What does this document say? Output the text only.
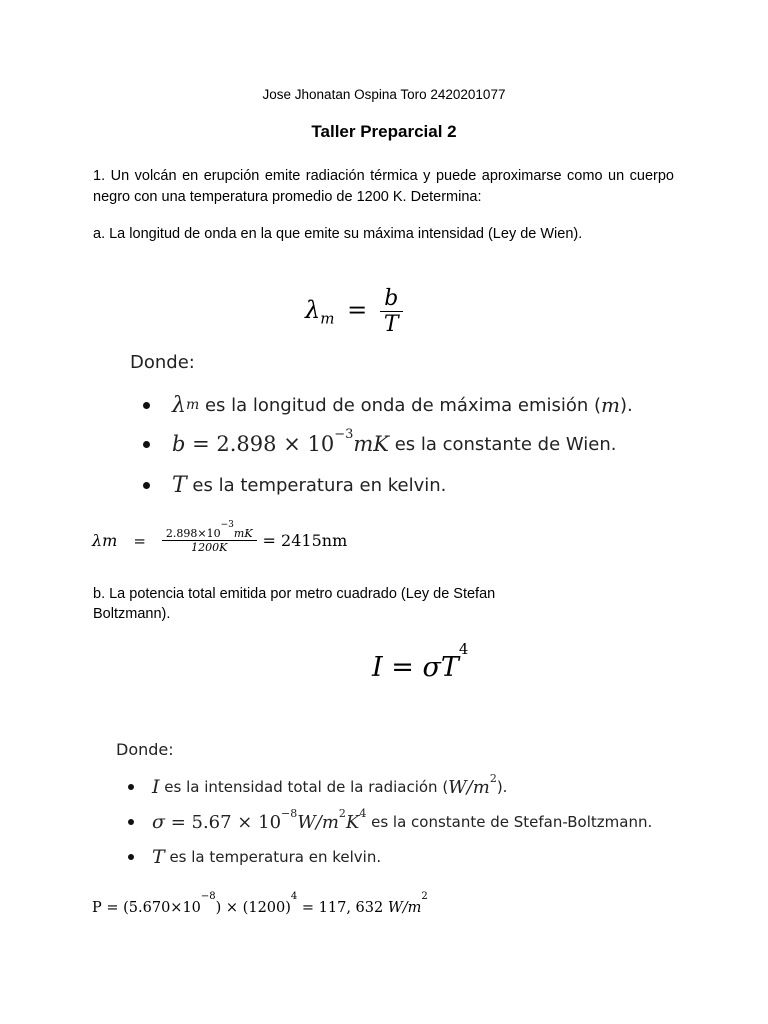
Jose Jhonatan Ospina Toro 2420201077
Taller Preparcial 2
1. Un volcán en erupción emite radiación térmica y puede aproximarse como un cuerpo negro con una temperatura promedio de 1200 K. Determina:
a. La longitud de onda en la que emite su máxima intensidad (Ley de Wien).
$\lambda_m = \frac{b}{T}$
Donde:
λ m es la longitud de onda de máxima emisión ( m ).
$b = 2.898 \times 10^{-3}$ mK es la constante de Wien.
T es la temperatura en kelvin.
$\lambda m = \frac{2.898\times 10^{-3}mK}{1200K} = 2415nm$
b. La potencia total emitida por metro cuadrado (Ley de Stefan
Boltzmann).
$I = \sigma T^4$
Donde:
I es la intensidad total de la radiación ( $W/m^2$ ).
$\sigma = 5.67 \times 10^{-8}$ $W/m^2$ $K^4$ es la constante de Stefan-Boltzmann.
T es la temperatura en kelvin.
$P = (5.670\times 10^{-8}) \times (1200)^4 = 117$, 632 $W/m^2$
